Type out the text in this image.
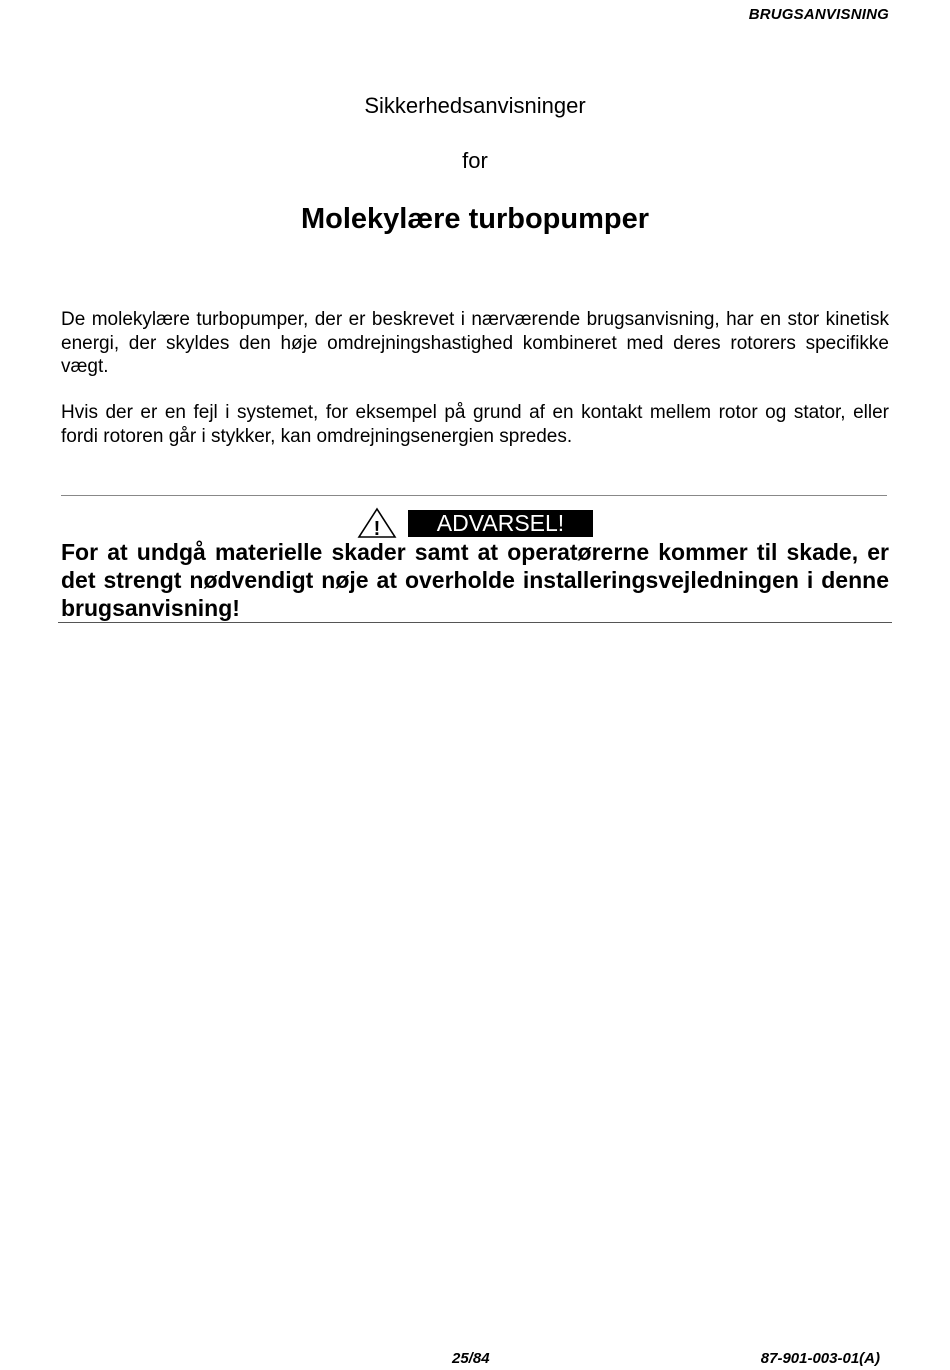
BRUGSANVISNING
Sikkerhedsanvisninger
for
Molekylære turbopumper

De molekylære turbopumper, der er beskrevet i nærværende brugsanvisning, har en stor kinetisk energi, der skyldes den høje omdrejningshastighed kombineret med deres rotorers specifikke vægt.

Hvis der er en fejl i systemet, for eksempel på grund af en kontakt mellem rotor og stator, eller fordi rotoren går i stykker, kan omdrejningsenergien spredes.

!	ADVARSEL!

For at undgå materielle skader samt at operatørerne kommer til skade, er det strengt nødvendigt nøje at overholde installeringsvejledningen i denne brugsanvisning!

25/84	87-901-003-01(A)
